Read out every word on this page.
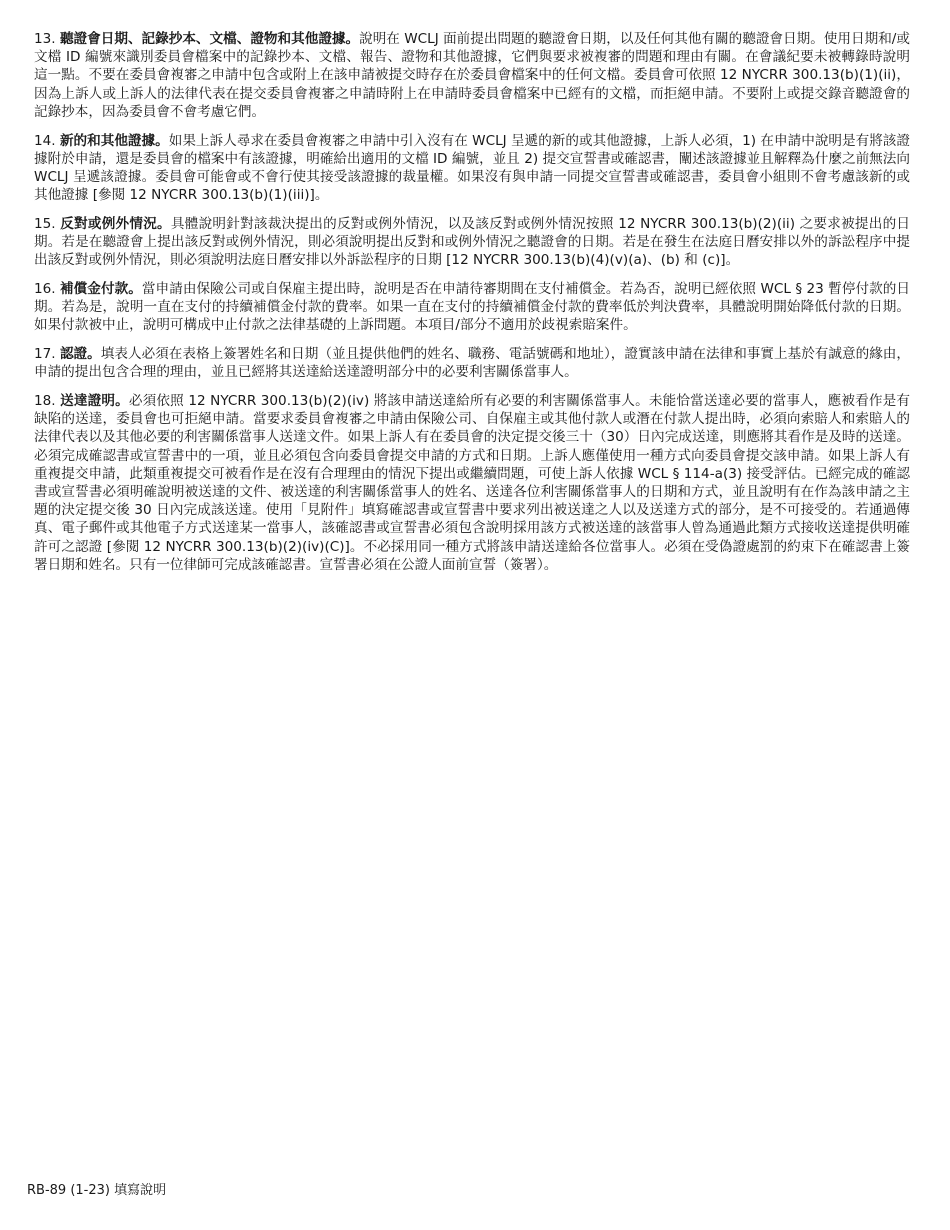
13. 聽證會日期、記錄抄本、文檔、證物和其他證據。說明在 WCLJ 面前提出問題的聽證會日期，以及任何其他有關的聽證會日期。使用日期和/或文檔 ID 編號來識別委員會檔案中的記錄抄本、文檔、報告、證物和其他證據，它們與要求被複審的問題和理由有關。在會議紀要未被轉錄時說明這一點。不要在委員會複審之申請中包含或附上在該申請被提交時存在於委員會檔案中的任何文檔。委員會可依照 12 NYCRR 300.13(b)(1)(ii)，因為上訴人或上訴人的法律代表在提交委員會複審之申請時附上在申請時委員會檔案中已經有的文檔，而拒絕申請。不要附上或提交錄音聽證會的記錄抄本，因為委員會不會考慮它們。

14. 新的和其他證據。如果上訴人尋求在委員會複審之申請中引入沒有在 WCLJ 呈遞的新的或其他證據，上訴人必須，1) 在申請中說明是有將該證據附於申請，還是委員會的檔案中有該證據，明確給出適用的文檔 ID 編號，並且 2) 提交宣誓書或確認書，闡述該證據並且解釋為什麼之前無法向 WCLJ 呈遞該證據。委員會可能會或不會行使其接受該證據的裁量權。如果沒有與申請一同提交宣誓書或確認書，委員會小組則不會考慮該新的或其他證據 [參閱 12 NYCRR 300.13(b)(1)(iii)]。

15. 反對或例外情況。具體說明針對該裁決提出的反對或例外情況，以及該反對或例外情況按照 12 NYCRR 300.13(b)(2)(ii) 之要求被提出的日期。若是在聽證會上提出該反對或例外情況，則必須說明提出反對和或例外情況之聽證會的日期。若是在發生在法庭日曆安排以外的訴訟程序中提出該反對或例外情況，則必須說明法庭日曆安排以外訴訟程序的日期 [12 NYCRR 300.13(b)(4)(v)(a)、(b) 和 (c)]。

16. 補償金付款。當申請由保險公司或自保雇主提出時，說明是否在申請待審期間在支付補償金。若為否，說明已經依照 WCL § 23 暫停付款的日期。若為是，說明一直在支付的持續補償金付款的費率。如果一直在支付的持續補償金付款的費率低於判決費率，具體說明開始降低付款的日期。如果付款被中止，說明可構成中止付款之法律基礎的上訴問題。本項目/部分不適用於歧視索賠案件。

17. 認證。填表人必須在表格上簽署姓名和日期（並且提供他們的姓名、職務、電話號碼和地址），證實該申請在法律和事實上基於有誠意的緣由，申請的提出包含合理的理由，並且已經將其送達給送達證明部分中的必要利害關係當事人。

18. 送達證明。必須依照 12 NYCRR 300.13(b)(2)(iv) 將該申請送達給所有必要的利害關係當事人。未能恰當送達必要的當事人，應被看作是有缺陷的送達，委員會也可拒絕申請。當要求委員會複審之申請由保險公司、自保雇主或其他付款人或潛在付款人提出時，必須向索賠人和索賠人的法律代表以及其他必要的利害關係當事人送達文件。如果上訴人有在委員會的決定提交後三十（30）日內完成送達，則應將其看作是及時的送達。必須完成確認書或宣誓書中的一項，並且必須包含向委員會提交申請的方式和日期。上訴人應僅使用一種方式向委員會提交該申請。如果上訴人有重複提交申請，此類重複提交可被看作是在沒有合理理由的情況下提出或繼續問題，可使上訴人依據 WCL § 114-a(3) 接受評估。已經完成的確認書或宣誓書必須明確說明被送達的文件、被送達的利害關係當事人的姓名、送達各位利害關係當事人的日期和方式，並且說明有在作為該申請之主題的決定提交後 30 日內完成該送達。使用「見附件」填寫確認書或宣誓書中要求列出被送達之人以及送達方式的部分，是不可接受的。若通過傳真、電子郵件或其他電子方式送達某一當事人，該確認書或宣誓書必須包含說明採用該方式被送達的該當事人曾為通過此類方式接收送達提供明確許可之認證 [參閱 12 NYCRR 300.13(b)(2)(iv)(C)]。不必採用同一種方式將該申請送達給各位當事人。必須在受偽證處罰的約束下在確認書上簽署日期和姓名。只有一位律師可完成該確認書。宣誓書必須在公證人面前宣誓（簽署）。

RB-89 (1-23) 填寫說明
